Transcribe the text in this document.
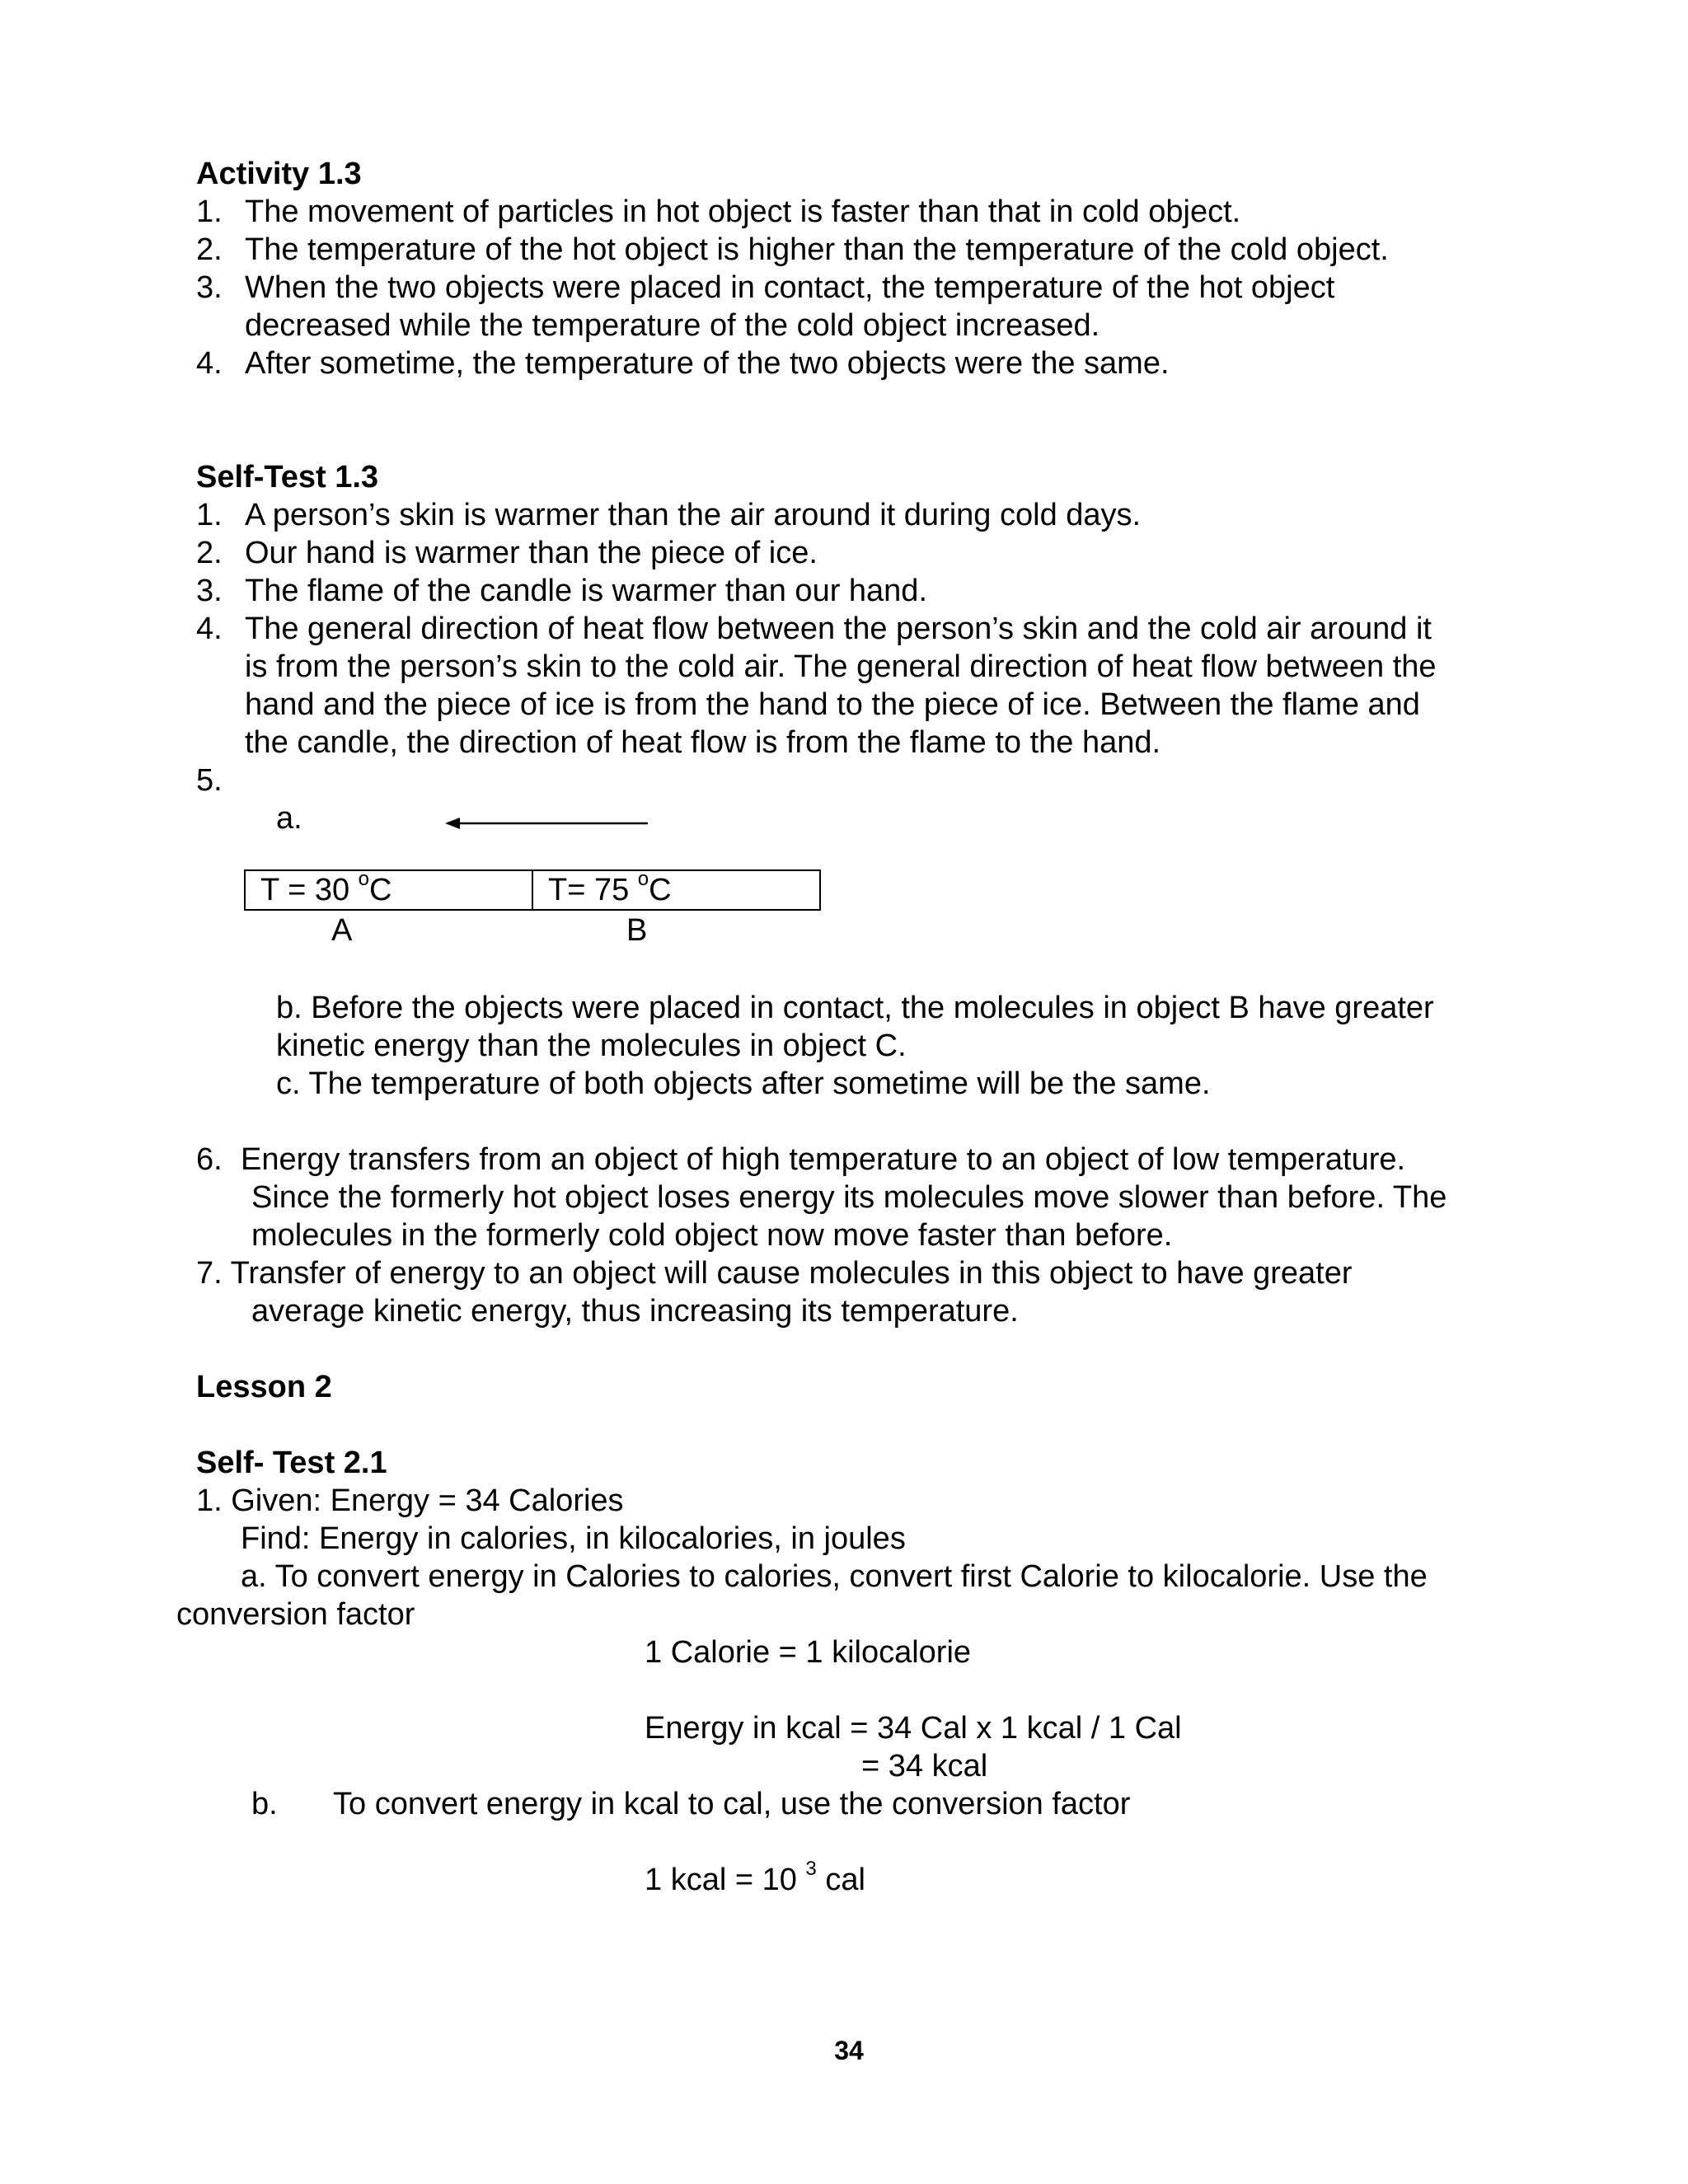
Activity 1.3
1. The movement of particles in hot object is faster than that in cold object.
2. The temperature of the hot object is higher than the temperature of the cold object.
3. When the two objects were placed in contact, the temperature of the hot object
decreased while the temperature of the cold object increased.
4. After sometime, the temperature of the two objects were the same.
Self-Test 1.3
1. A person’s skin is warmer than the air around it during cold days.
2. Our hand is warmer than the piece of ice.
3. The flame of the candle is warmer than our hand.
4. The general direction of heat flow between the person’s skin and the cold air around it
is from the person’s skin to the cold air. The general direction of heat flow between the
hand and the piece of ice is from the hand to the piece of ice. Between the flame and
the candle, the direction of heat flow is from the flame to the hand.
5.
a.
T = 30 $^o$C	T= 75 $^o$C
A	B
b. Before the objects were placed in contact, the molecules in object B have greater
kinetic energy than the molecules in object C.
c. The temperature of both objects after sometime will be the same.
6. Energy transfers from an object of high temperature to an object of low temperature.
Since the formerly hot object loses energy its molecules move slower than before. The
molecules in the formerly cold object now move faster than before.
7. Transfer of energy to an object will cause molecules in this object to have greater
average kinetic energy, thus increasing its temperature.
Lesson 2
Self- Test 2.1
1. Given: Energy = 34 Calories
Find: Energy in calories, in kilocalories, in joules
a. To convert energy in Calories to calories, convert first Calorie to kilocalorie. Use the
conversion factor
1 Calorie = 1 kilocalorie
Energy in kcal = 34 Cal x 1 kcal / 1 Cal
= 34 kcal
b. To convert energy in kcal to cal, use the conversion factor
1 kcal = 10 $^3$ cal
34
